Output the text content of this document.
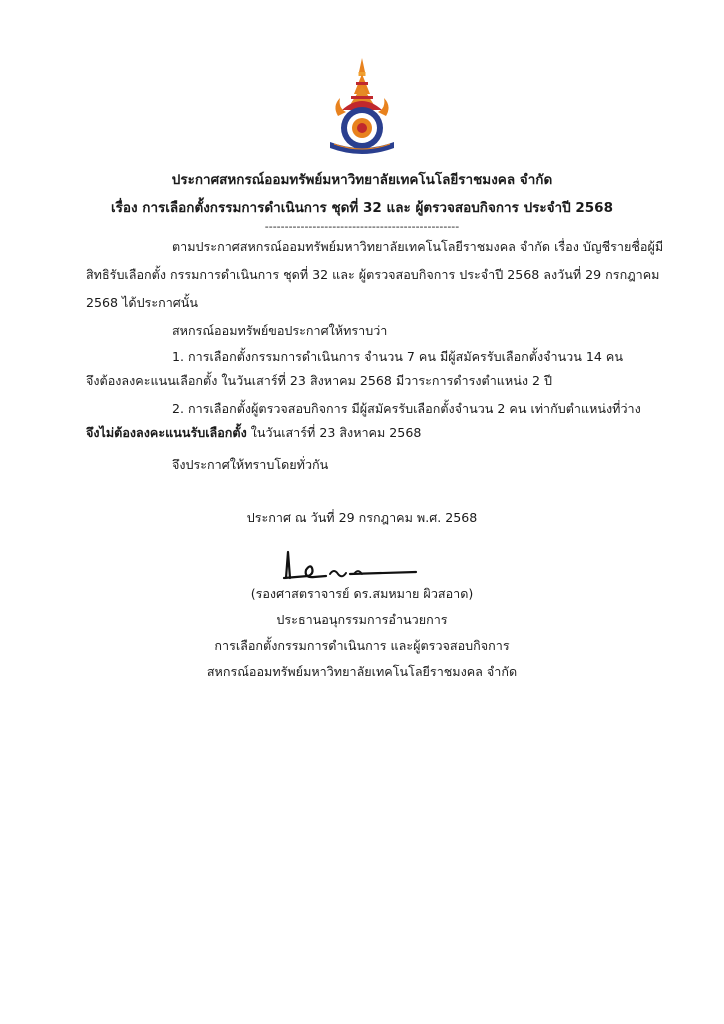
ประกาศสหกรณ์ออมทรัพย์มหาวิทยาลัยเทคโนโลยีราชมงคล จำกัด
เรื่อง การเลือกตั้งกรรมการดำเนินการ ชุดที่ 32 และ ผู้ตรวจสอบกิจการ ประจำปี 2568
-------------------------------------------------
ตามประกาศสหกรณ์ออมทรัพย์มหาวิทยาลัยเทคโนโลยีราชมงคล จำกัด เรื่อง บัญชีรายชื่อผู้มี
สิทธิรับเลือกตั้ง กรรมการดำเนินการ ชุดที่ 32 และ ผู้ตรวจสอบกิจการ ประจำปี 2568 ลงวันที่ 29 กรกฎาคม
2568 ได้ประกาศนั้น
สหกรณ์ออมทรัพย์ขอประกาศให้ทราบว่า
1. การเลือกตั้งกรรมการดำเนินการ จำนวน 7 คน มีผู้สมัครรับเลือกตั้งจำนวน 14 คน
จึงต้องลงคะแนนเลือกตั้ง ในวันเสาร์ที่ 23 สิงหาคม 2568 มีวาระการดำรงตำแหน่ง 2 ปี
2. การเลือกตั้งผู้ตรวจสอบกิจการ มีผู้สมัครรับเลือกตั้งจำนวน 2 คน เท่ากับตำแหน่งที่ว่าง
จึงไม่ต้องลงคะแนนรับเลือกตั้ง ในวันเสาร์ที่ 23 สิงหาคม 2568
จึงประกาศให้ทราบโดยทั่วกัน
ประกาศ ณ วันที่ 29 กรกฎาคม พ.ศ. 2568
(รองศาสตราจารย์ ดร.สมหมาย ผิวสอาด)
ประธานอนุกรรมการอำนวยการ
การเลือกตั้งกรรมการดำเนินการ และผู้ตรวจสอบกิจการ
สหกรณ์ออมทรัพย์มหาวิทยาลัยเทคโนโลยีราชมงคล จำกัด
